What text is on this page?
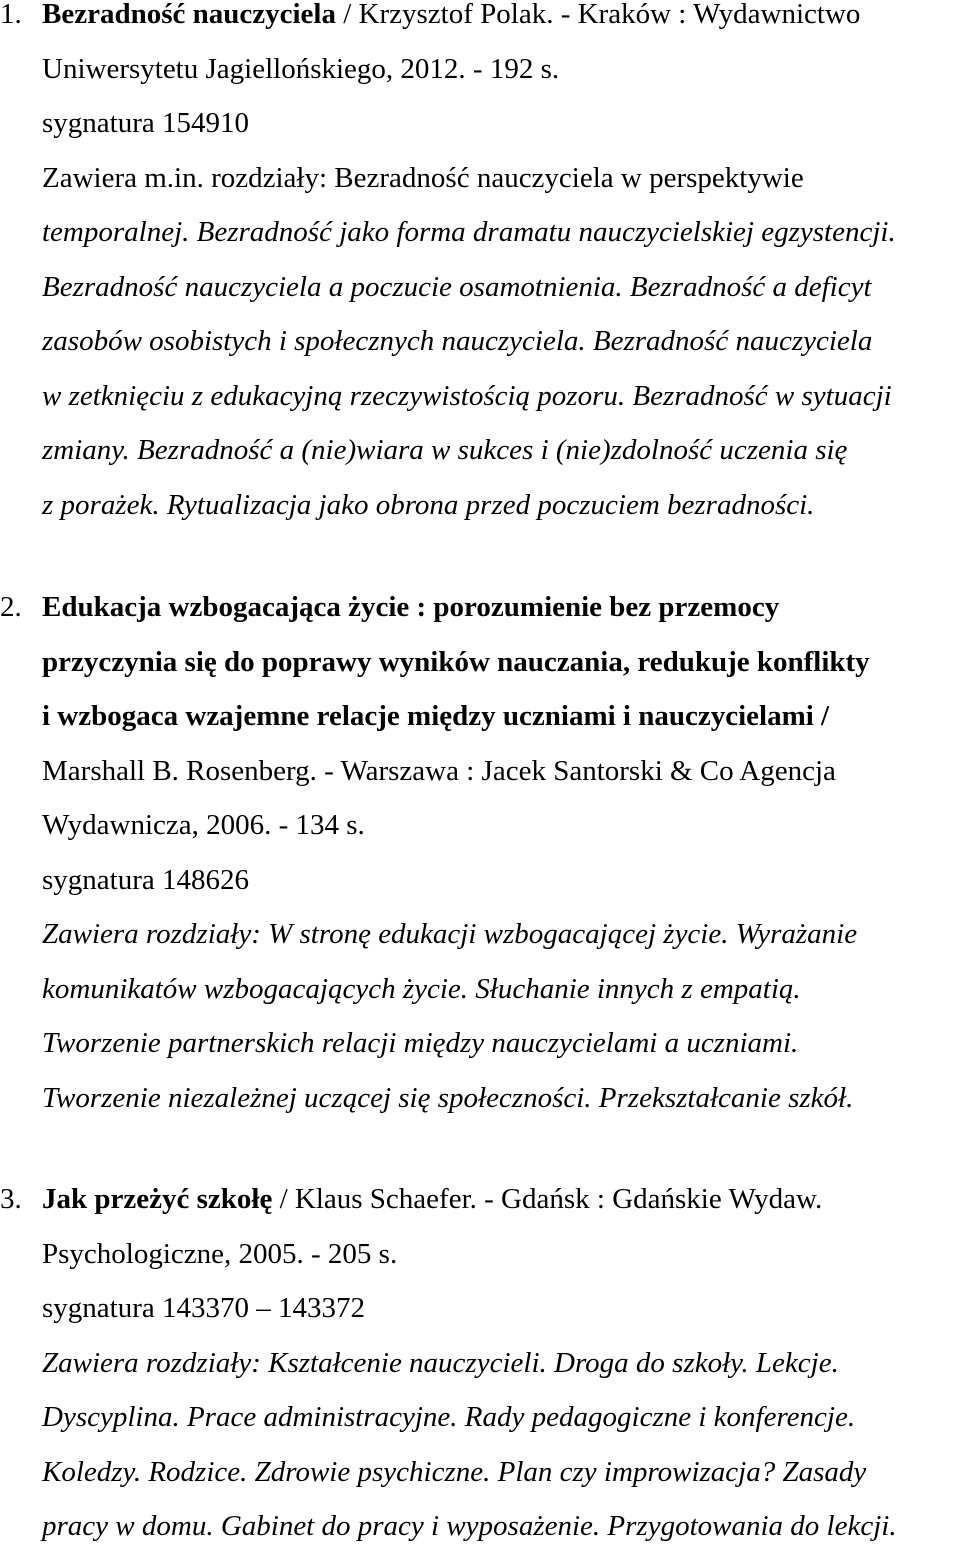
1. Bezradność nauczyciela / Krzysztof Polak. - Kraków : Wydawnictwo
Uniwersytetu Jagiellońskiego, 2012. - 192 s.
sygnatura 154910
Zawiera m.in. rozdziały: Bezradność nauczyciela w perspektywie
temporalnej. Bezradność jako forma dramatu nauczycielskiej egzystencji.
Bezradność nauczyciela a poczucie osamotnienia. Bezradność a deficyt
zasobów osobistych i społecznych nauczyciela. Bezradność nauczyciela
w zetknięciu z edukacyjną rzeczywistością pozoru. Bezradność w sytuacji
zmiany. Bezradność a (nie)wiara w sukces i (nie)zdolność uczenia się
z porażek. Rytualizacja jako obrona przed poczuciem bezradności.
2. Edukacja wzbogacająca życie : porozumienie bez przemocy
przyczynia się do poprawy wyników nauczania, redukuje konflikty
i wzbogaca wzajemne relacje między uczniami i nauczycielami /
Marshall B. Rosenberg. - Warszawa : Jacek Santorski & Co Agencja
Wydawnicza, 2006. - 134 s.
sygnatura 148626
Zawiera rozdziały: W stronę edukacji wzbogacającej życie. Wyrażanie
komunikatów wzbogacających życie. Słuchanie innych z empatią.
Tworzenie partnerskich relacji między nauczycielami a uczniami.
Tworzenie niezależnej uczącej się społeczności. Przekształcanie szkół.
3. Jak przeżyć szkołę / Klaus Schaefer. - Gdańsk : Gdańskie Wydaw.
Psychologiczne, 2005. - 205 s.
sygnatura 143370 – 143372
Zawiera rozdziały: Kształcenie nauczycieli. Droga do szkoły. Lekcje.
Dyscyplina. Prace administracyjne. Rady pedagogiczne i konferencje.
Koledzy. Rodzice. Zdrowie psychiczne. Plan czy improwizacja? Zasady
pracy w domu. Gabinet do pracy i wyposażenie. Przygotowania do lekcji.
